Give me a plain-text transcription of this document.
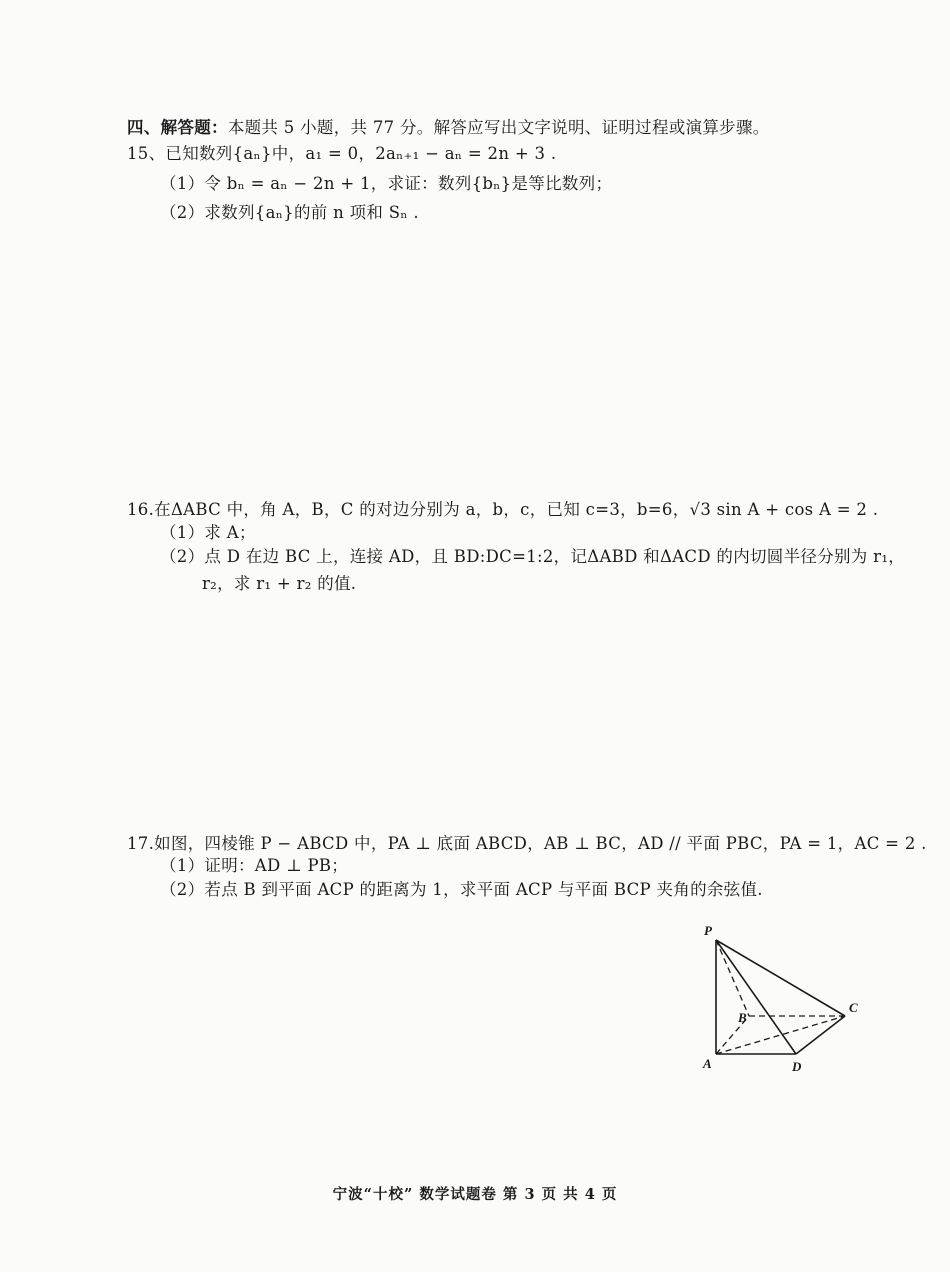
四、解答题：本题共 5 小题，共 77 分。解答应写出文字说明、证明过程或演算步骤。
15、已知数列{aₙ}中，a₁ = 0，2aₙ₊₁ − aₙ = 2n + 3 .
（1）令 bₙ = aₙ − 2n + 1，求证：数列{bₙ}是等比数列；
（2）求数列{aₙ}的前 n 项和 Sₙ .
16.在ΔABC 中，角 A，B，C 的对边分别为 a，b，c，已知 c=3，b=6，√3 sin A + cos A = 2 .
（1）求 A；
（2）点 D 在边 BC 上，连接 AD，且 BD:DC=1:2，记ΔABD 和ΔACD 的内切圆半径分别为 r₁，
r₂，求 r₁ + r₂ 的值.
17.如图，四棱锥 P − ABCD 中，PA ⊥ 底面 ABCD，AB ⊥ BC，AD // 平面 PBC，PA = 1，AC = 2 .
（1）证明：AD ⊥ PB；
（2）若点 B 到平面 ACP 的距离为 1，求平面 ACP 与平面 BCP 夹角的余弦值.
P
A
B
C
D
宁波“十校” 数学试题卷 第 3 页 共 4 页
